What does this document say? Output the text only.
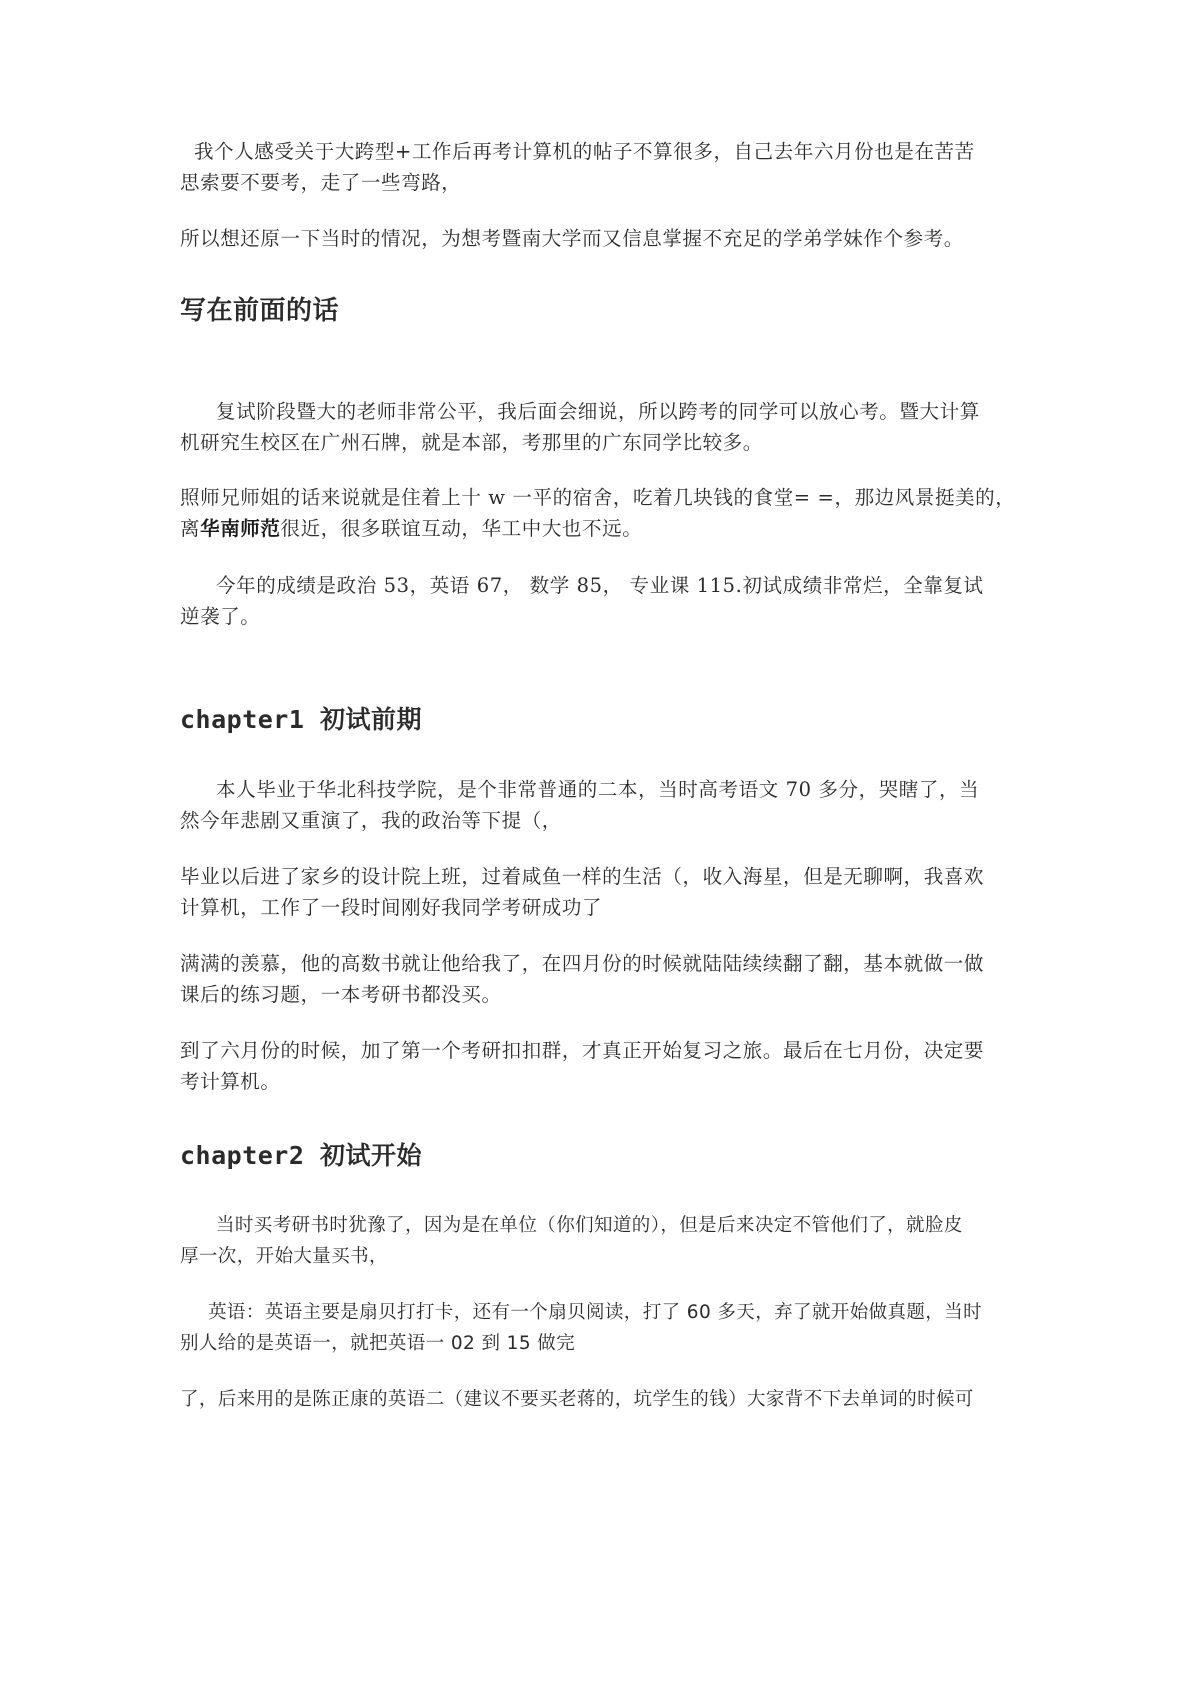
我个人感受关于大跨型+工作后再考计算机的帖子不算很多，自己去年六月份也是在苦苦
思索要不要考，走了一些弯路，

所以想还原一下当时的情况，为想考暨南大学而又信息掌握不充足的学弟学妹作个参考。

写在前面的话

复试阶段暨大的老师非常公平，我后面会细说，所以跨考的同学可以放心考。暨大计算
机研究生校区在广州石牌，就是本部，考那里的广东同学比较多。

照师兄师姐的话来说就是住着上十 w 一平的宿舍，吃着几块钱的食堂= =，那边风景挺美的，
离华南师范很近，很多联谊互动，华工中大也不远。

今年的成绩是政治 53，英语 67， 数学 85， 专业课 115.初试成绩非常烂，全靠复试
逆袭了。

chapter1 初试前期

本人毕业于华北科技学院，是个非常普通的二本，当时高考语文 70 多分，哭瞎了，当
然今年悲剧又重演了，我的政治等下提（，

毕业以后进了家乡的设计院上班，过着咸鱼一样的生活（，收入海星，但是无聊啊，我喜欢
计算机，工作了一段时间刚好我同学考研成功了

满满的羡慕，他的高数书就让他给我了，在四月份的时候就陆陆续续翻了翻，基本就做一做
课后的练习题，一本考研书都没买。

到了六月份的时候，加了第一个考研扣扣群，才真正开始复习之旅。最后在七月份，决定要
考计算机。

chapter2 初试开始

当时买考研书时犹豫了，因为是在单位（你们知道的），但是后来决定不管他们了，就脸皮
厚一次，开始大量买书，

英语：英语主要是扇贝打打卡，还有一个扇贝阅读，打了 60 多天，弃了就开始做真题，当时
别人给的是英语一，就把英语一 02 到 15 做完

了，后来用的是陈正康的英语二（建议不要买老蒋的，坑学生的钱）大家背不下去单词的时候可
